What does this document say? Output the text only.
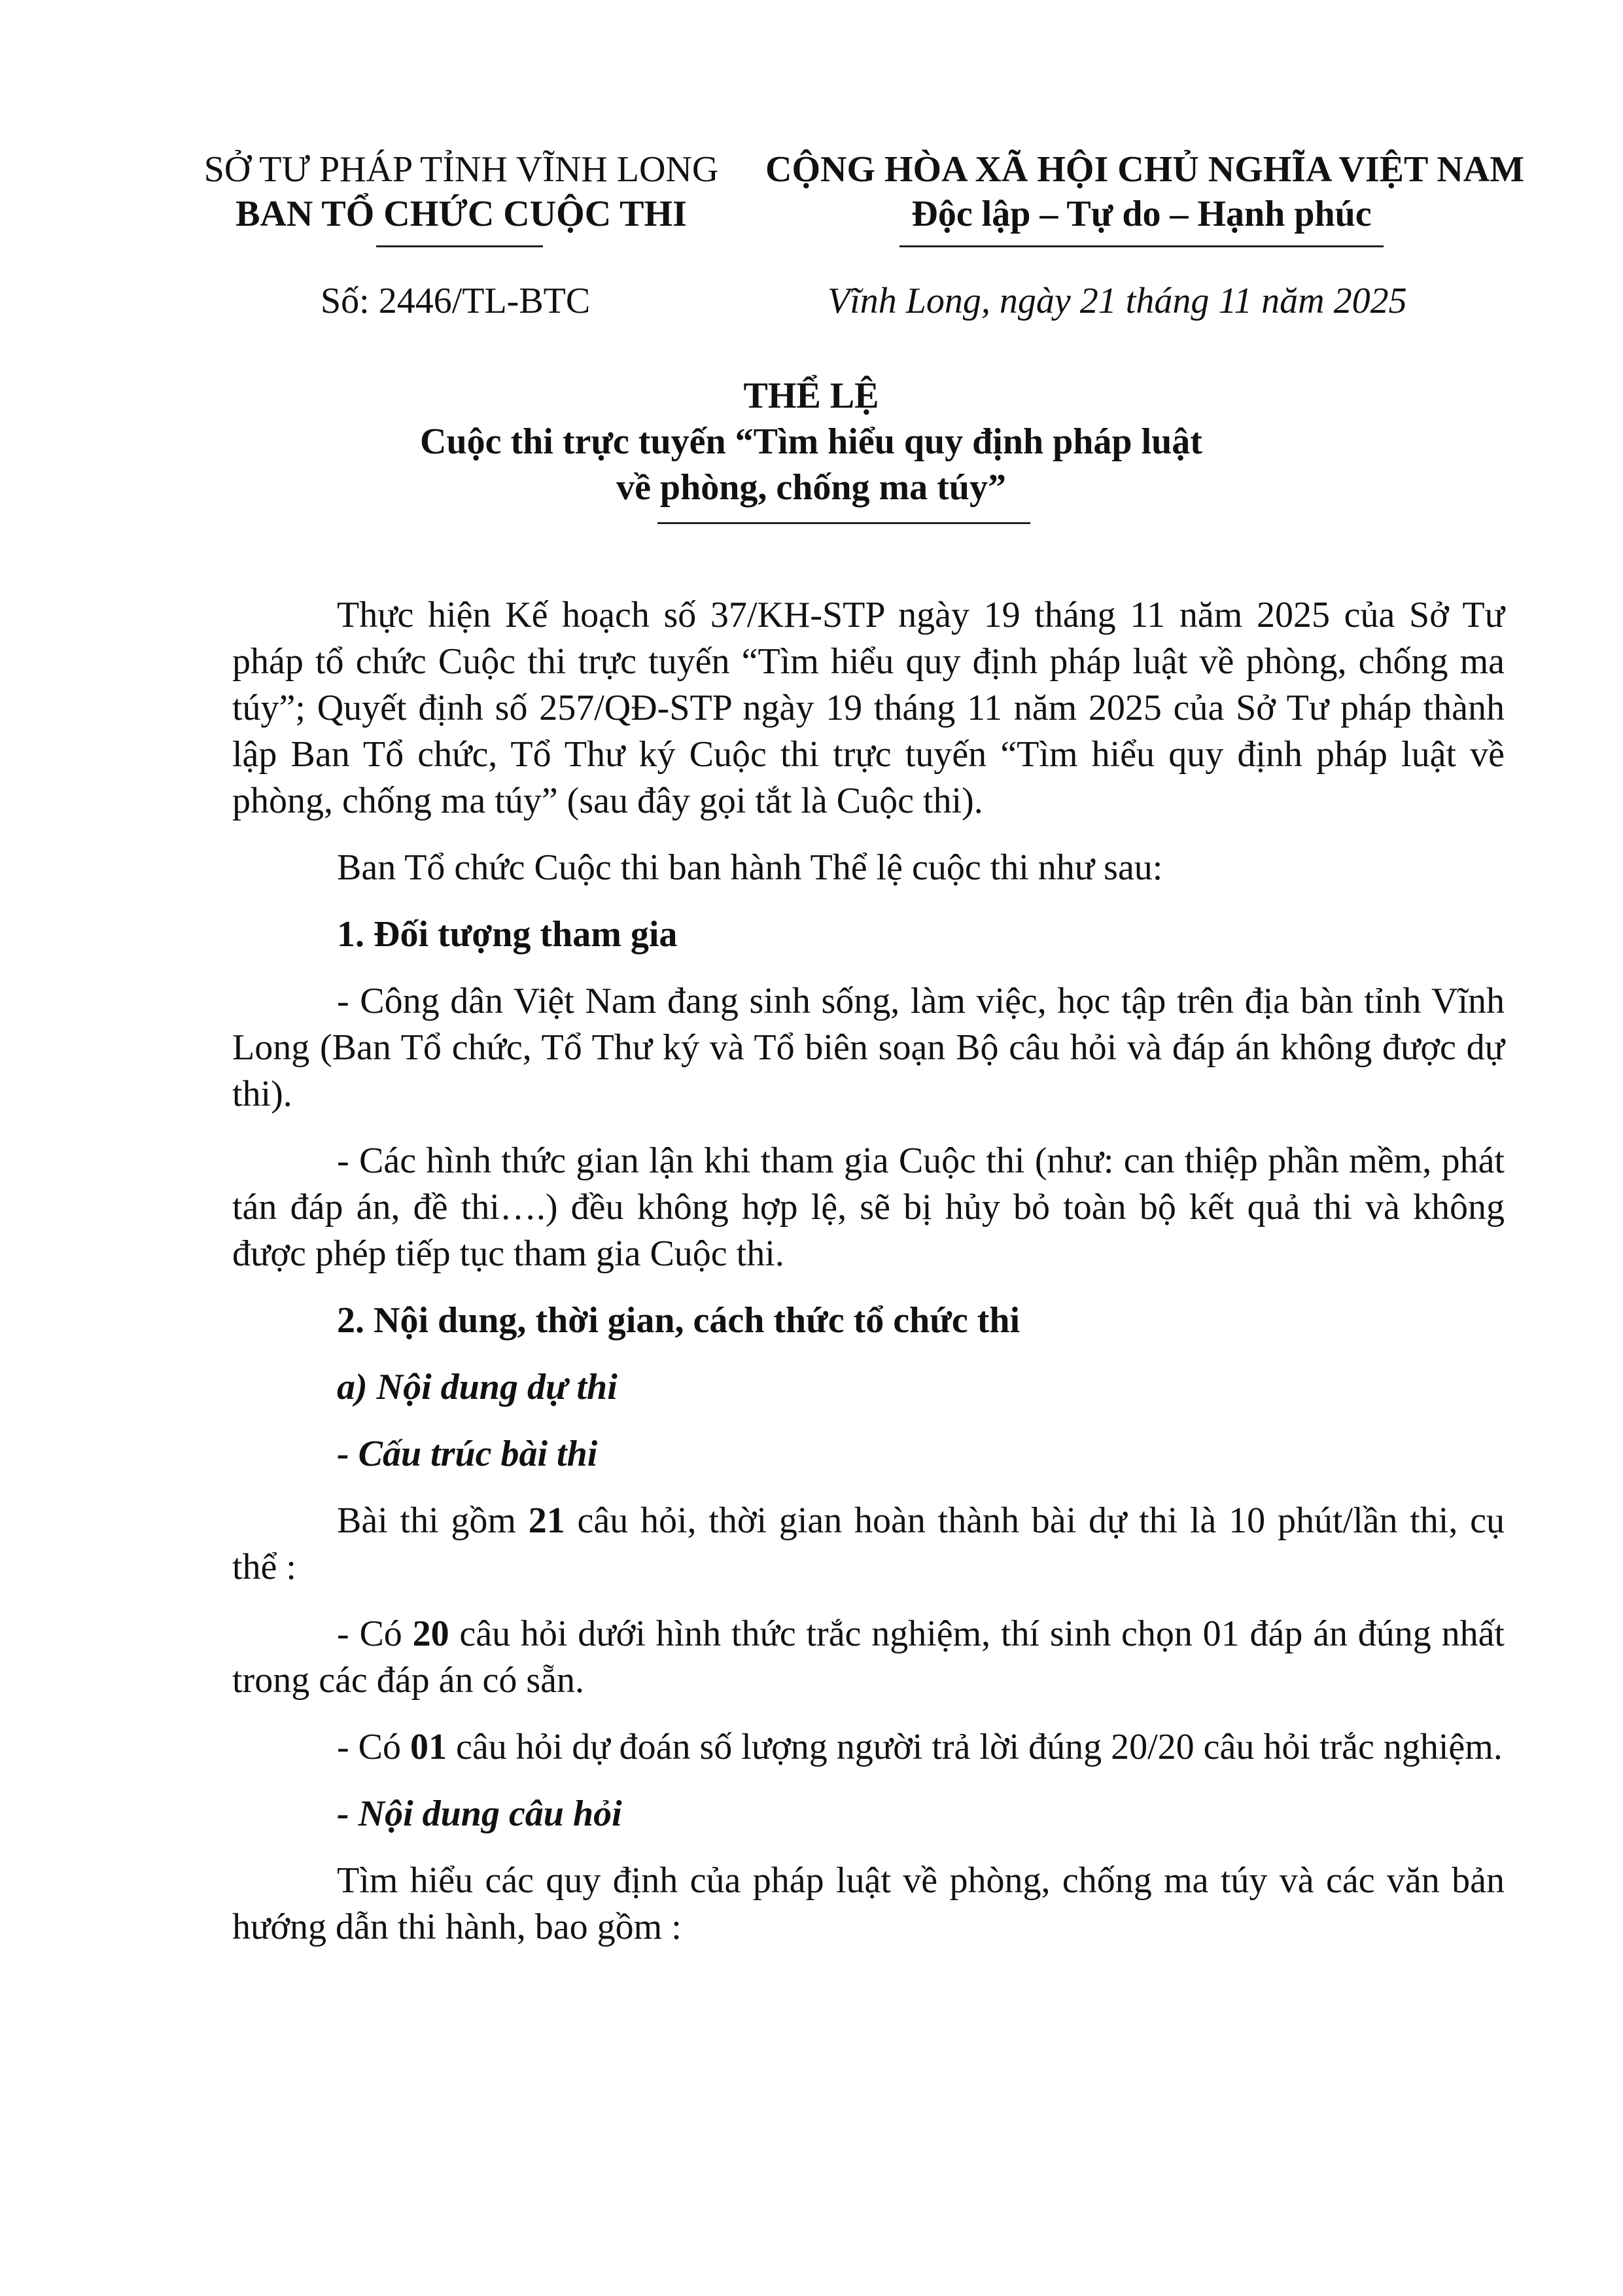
SỞ TƯ PHÁP TỈNH VĨNH LONG
BAN TỔ CHỨC CUỘC THI
CỘNG HÒA XÃ HỘI CHỦ NGHĨA VIỆT NAM
Độc lập – Tự do – Hạnh phúc
Số: 2446/TL-BTC	Vĩnh Long, ngày 21 tháng 11 năm 2025
THỂ LỆ
Cuộc thi trực tuyến “Tìm hiểu quy định pháp luật
về phòng, chống ma túy”

Thực hiện Kế hoạch số 37/KH-STP ngày 19 tháng 11 năm 2025 của Sở Tư pháp tổ chức Cuộc thi trực tuyến “Tìm hiểu quy định pháp luật về phòng, chống ma túy”; Quyết định số 257/QĐ-STP ngày 19 tháng 11 năm 2025 của Sở Tư pháp thành lập Ban Tổ chức, Tổ Thư ký Cuộc thi trực tuyến “Tìm hiểu quy định pháp luật về phòng, chống ma túy” (sau đây gọi tắt là Cuộc thi).

Ban Tổ chức Cuộc thi ban hành Thể lệ cuộc thi như sau:

1. Đối tượng tham gia

- Công dân Việt Nam đang sinh sống, làm việc, học tập trên địa bàn tỉnh Vĩnh Long (Ban Tổ chức, Tổ Thư ký và Tổ biên soạn Bộ câu hỏi và đáp án không được dự thi).

- Các hình thức gian lận khi tham gia Cuộc thi (như: can thiệp phần mềm, phát tán đáp án, đề thi….) đều không hợp lệ, sẽ bị hủy bỏ toàn bộ kết quả thi và không được phép tiếp tục tham gia Cuộc thi.

2. Nội dung, thời gian, cách thức tổ chức thi

a) Nội dung dự thi

- Cấu trúc bài thi

Bài thi gồm 21 câu hỏi, thời gian hoàn thành bài dự thi là 10 phút/lần thi, cụ thể :

- Có 20 câu hỏi dưới hình thức trắc nghiệm, thí sinh chọn 01 đáp án đúng nhất trong các đáp án có sẵn.

- Có 01 câu hỏi dự đoán số lượng người trả lời đúng 20/20 câu hỏi trắc nghiệm.

- Nội dung câu hỏi

Tìm hiểu các quy định của pháp luật về phòng, chống ma túy và các văn bản hướng dẫn thi hành, bao gồm :
